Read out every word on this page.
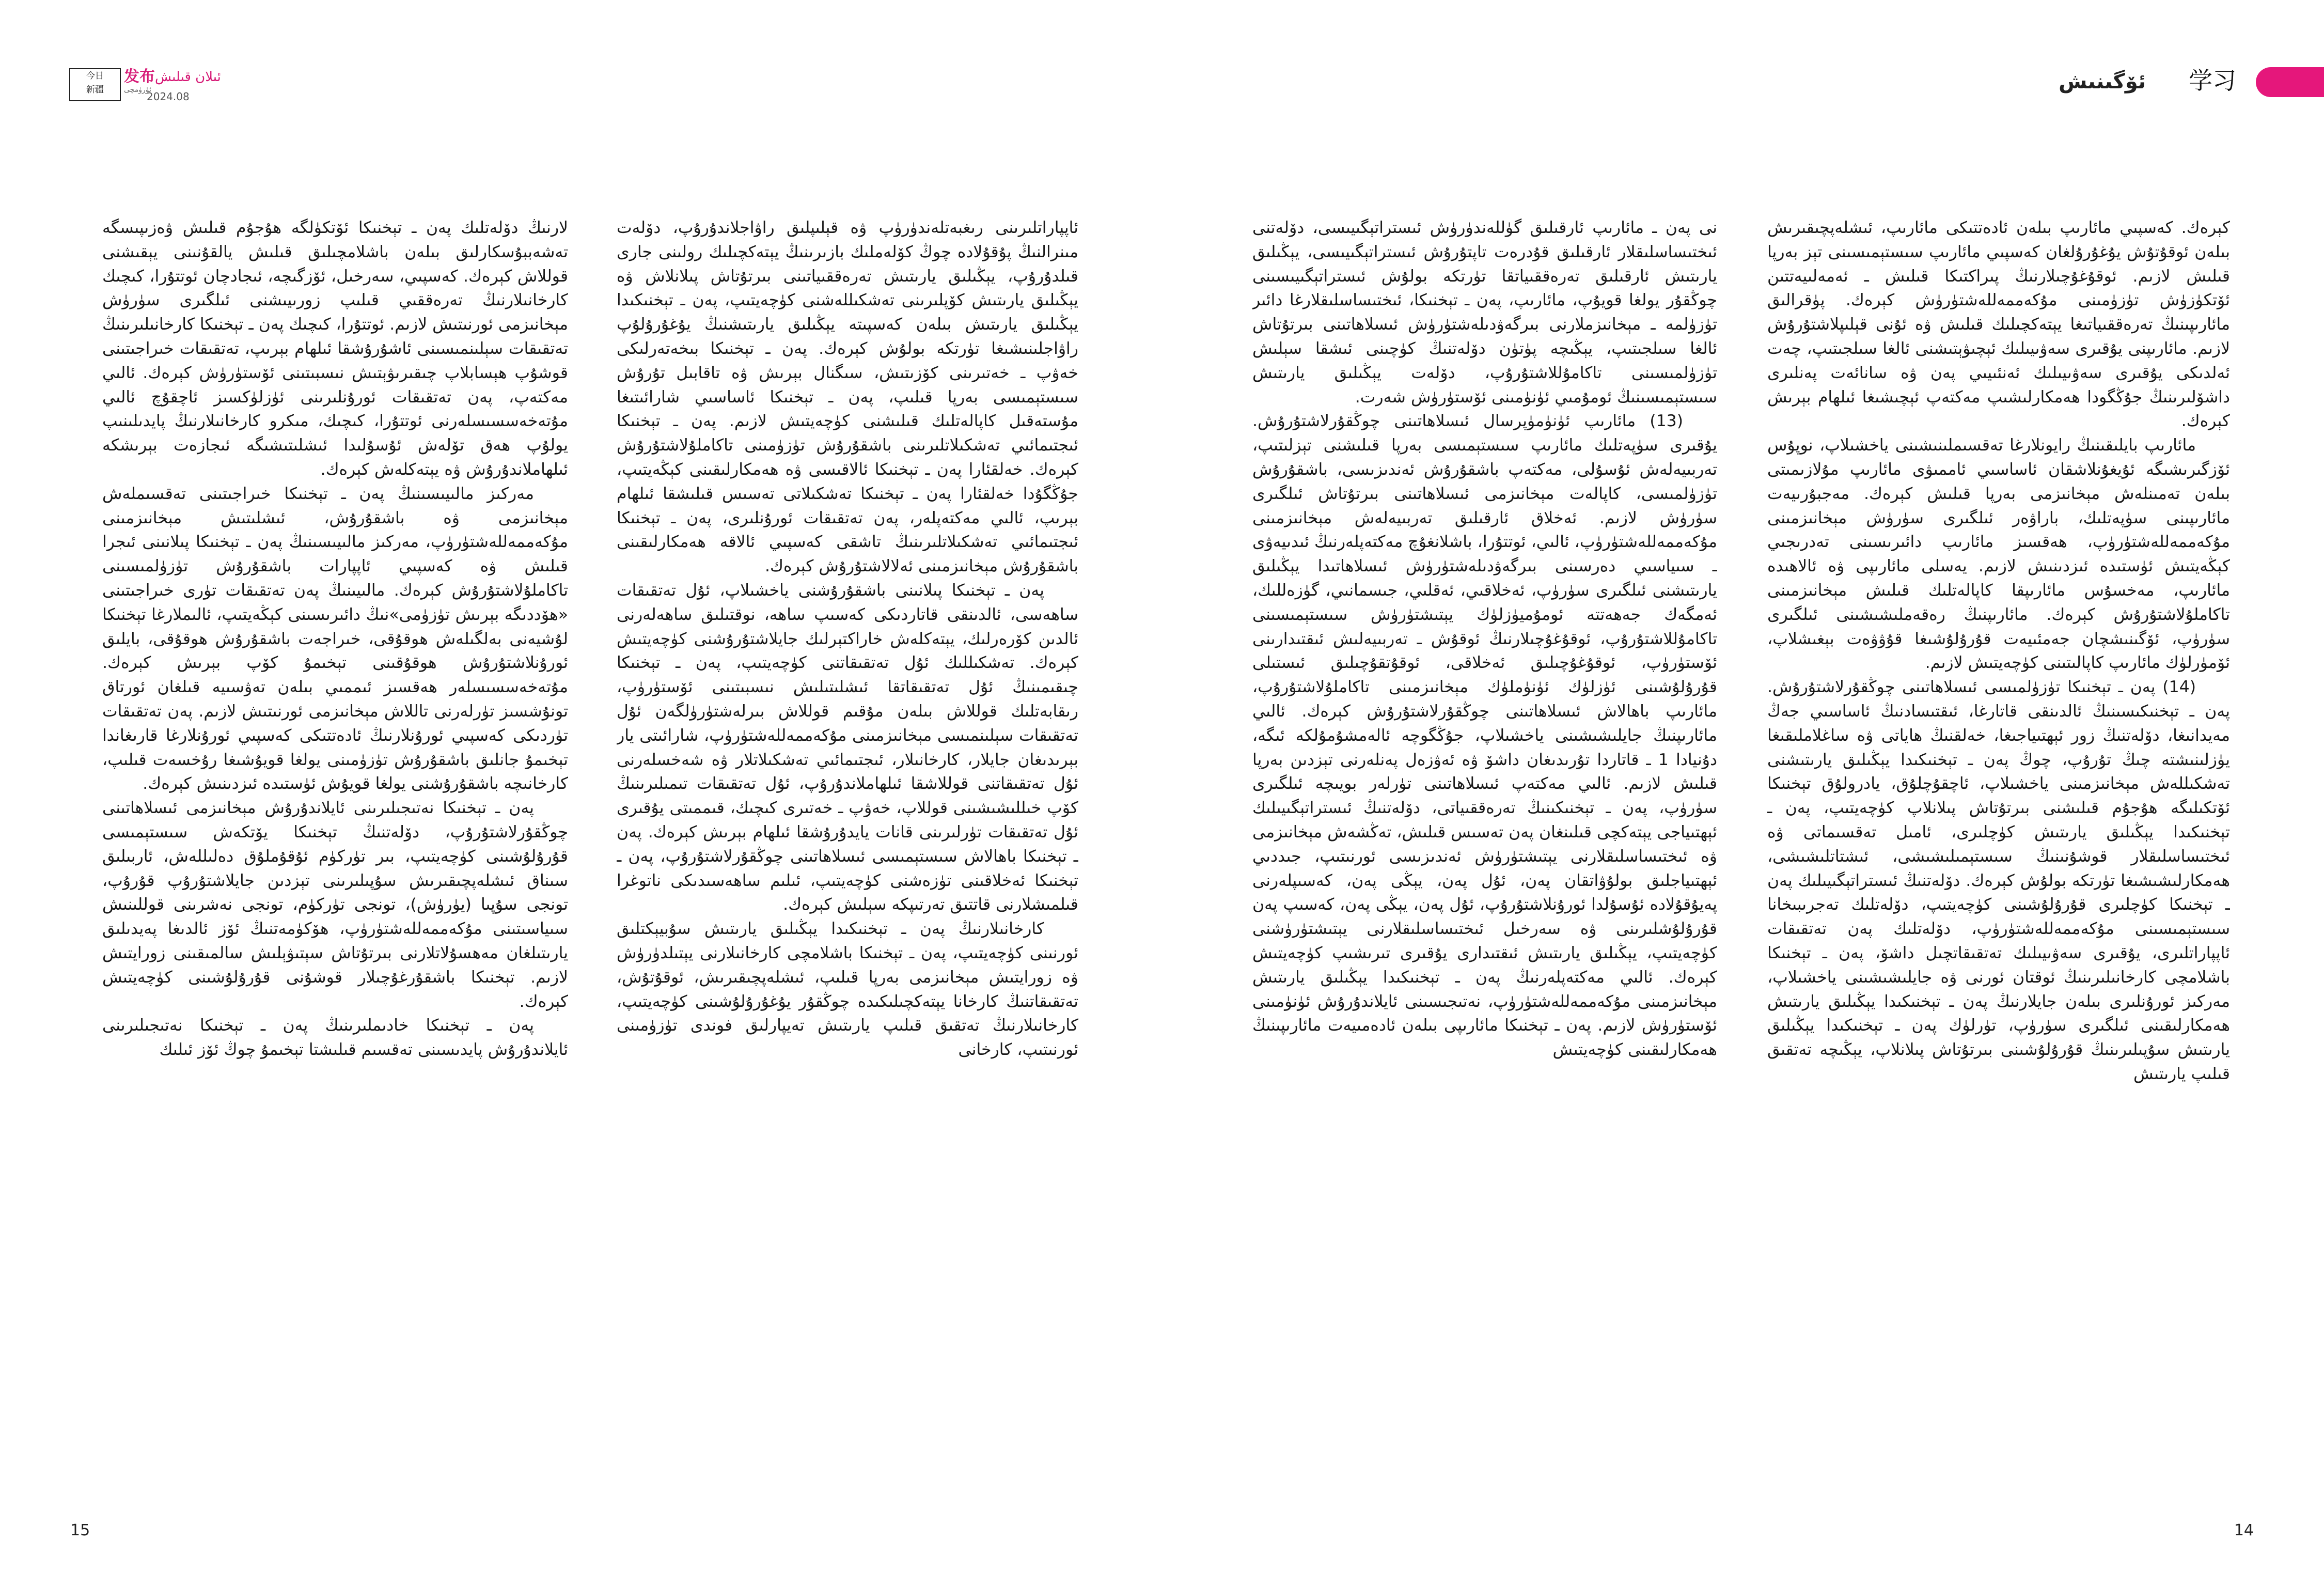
今日
新疆
发布
ئۈرۈمچى
2024.08
ئىلان قىلىش	ئۆگىنىش 学习

لارنىڭ دۆلەتلىك پەن ـ تېخنىكا ئۆتكۈلگە ھۇجۇم قىلىش ۋەزىپىسگە تەشەببۇسكارلىق بىلەن باشلامچىلىق قىلىش يالقۇنىنى يېقىشنى قوللاش كېرەك. كەسپىي، سەرخىل، ئۆزگىچە، ئىجادچان ئوتتۇرا، كىچىك كارخانىلارنىڭ تەرەققىي قىلىپ زورىيىشنى ئىلگىرى سۈرۈش مېخانىزمى ئورنىتىش لازىم. ئوتتۇرا، كىچىك پەن ـ تېخنىكا كارخانىلىرىنىڭ تەتقىقات سېلىنمىسىنى ئاشۇرۇشقا ئىلھام بېرىپ، تەتقىقات خىراجىتىنى قوشۇپ ھېسابلاپ چىقىرىۋېتىش نىسبىتىنى ئۆستۈرۈش كېرەك. ئالىي مەكتەپ، پەن تەتقىقات ئورۇنلىرىنى ئۈزلۈكسىز ئاچقۇچ ئالىي مۇتەخەسسىسلەرنى ئوتتۇرا، كىچىك، مىكرو كارخانىلارنىڭ پايدىلىنىپ يولۇپ ھەق تۆلەش ئۇسۇلىدا ئىشلىتىشىگە ئىجازەت بېرىشكە ئىلھاملاندۇرۇش ۋە يېتەكلەش كېرەك.

مەركىز مالىيىسىنىڭ پەن ـ تېخنىكا خىراجىتىنى تەقسىملەش مېخانىزمى ۋە باشقۇرۇش، ئىشلىتىش مېخانىزمىنى مۇكەممەللەشتۈرۈپ، مەركىز مالىيىسىنىڭ پەن ـ تېخنىكا پىلانىنى ئىجرا قىلىش ۋە كەسپىي ئاپپارات باشقۇرۇش تۈزۈلمىسىنى تاكاملۇلاشتۇرۇش كېرەك. مالىيىنىڭ پەن تەتقىقات تۈرى خىراجىتىنى «ھۆددىگە بېرىش تۈزۈمى»نىڭ دائىرىسىنى كېڭەيتىپ، ئالىملارغا تېخنىكا لۇشيەنى بەلگىلەش ھوقۇقى، خىراجەت باشقۇرۇش ھوقۇقى، بايلىق ئورۇنلاشتۇرۇش ھوقۇقىنى تېخىمۇ كۆپ بېرىش كېرەك. مۇتەخەسسىسلەر ھەقسىز ئىممىي بىلەن تەۋسىيە قىلغان ئورتاق تونۇشسىز تۈرلەرنى تاللاش مېخانىزمى ئورنىتىش لازىم. پەن تەتقىقات تۈردىكى كەسپىي ئورۇنلارنىڭ ئادەتتىكى كەسپىي ئورۇنلارغا قارىغاندا تېخىمۇ جانلىق باشقۇرۇش تۈزۈمىنى يولغا قويۇشىغا رۇخسەت قىلىپ، كارخانىچە باشقۇرۇشنى يولغا قويۇش ئۈستىدە ئىزدىنىش كېرەك.

پەن ـ تېخنىكا نەتىجىلىرىنى ئايلاندۇرۇش مېخانىزمى ئىسلاھاتىنى چوڭقۇرلاشتۇرۇپ، دۆلەتنىڭ تېخنىكا يۆتكەش سىستېمىسى قۇرۇلۇشىنى كۈچەيتىپ، بىر تۈركۈم ئۇقۇملۇق دەلىللەش، ئاربىلىق سىناق ئىشلەپچىقىرىش سۇپىلىرىنى تېزدىن جايلاشتۇرۇپ قۇرۇپ، تونجى سۇپىا (يۈرۈش)، تونجى تۈركۈم، تونجى نەشرىنى قوللىنىش سىياسىتىنى مۇكەممەللەشتۈرۈپ، ھۆكۈمەتنىڭ ئۆز ئالدىغا پەيدىلىق يارىتىلغان مەھسۇلاتلارنى بىرتۇتاش سېتىۋېلىش سالمىقىنى زورايتىش لازىم. تېخنىكا باشقۇرغۇچىلار قوشۇنى قۇرۇلۇشىنى كۈچەيتىش كېرەك.

پەن ـ تېخنىكا خادىملىرىنىڭ پەن ـ تېخنىكا نەتىجىلىرىنى ئايلاندۇرۇش پايدىسىنى تەقسىم قىلىشتا تېخىمۇ چوڭ ئۆز ئىلىك

ئاپپاراتلىرىنى رىغبەتلەندۈرۈپ ۋە قېلىپلىق راۋاجلاندۇرۇپ، دۆلەت مىنرالنىڭ پۇقۇلادە چوڭ كۆلەملىك بازىرىنىڭ يېتەكچىلىك رولىنى جارى قىلدۇرۇپ، يېڭىلىق يارىتىش تەرەققىياتىنى بىرتۇتاش پىلانلاش ۋە يېڭىلىق يارىتىش كۆپلىرىنى تەشكىللەشنى كۈچەيتىپ، پەن ـ تېخنىكىدا يېڭىلىق يارىتىش بىلەن كەسپىتە يېڭىلىق يارىتىشنىڭ يۇغۇرۇلۇپ راۋاجلىنىشىغا تۈرتكە بولۇش كېرەك. پەن ـ تېخنىكا بىخەتەرلىكى خەۋپ ـ خەتىرىنى كۆزىتىش، سىگنال بېرىش ۋە تاقابىل تۇرۇش سىستېمىسى بەرپا قىلىپ، پەن ـ تېخنىكا ئاساسىي شارائىتىغا مۇستەقىل كاپالەتلىك قىلىشنى كۈچەيتىش لازىم. پەن ـ تېخنىكا ئىجتىمائىي تەشكىلاتلىرىنى باشقۇرۇش تۈزۈمىنى تاكاملۇلاشتۇرۇش كېرەك. خەلقئارا پەن ـ تېخنىكا ئالاقىسى ۋە ھەمكارلىقىنى كېڭەيتىپ، جۇڭگۇدا خەلقئارا پەن ـ تېخنىكا تەشكىلاتى تەسىس قىلىشقا ئىلھام بېرىپ، ئالىي مەكتەپلەر، پەن تەتقىقات ئورۇنلىرى، پەن ـ تېخنىكا ئىجتىمائىي تەشكىلاتلىرىنىڭ تاشقى كەسپىي ئالاقە ھەمكارلىقىنى باشقۇرۇش مېخانىزمىنى ئەلالاشتۇرۇش كېرەك.

پەن ـ تېخنىكا پىلانىنى باشقۇرۇشنى ياخشىلاپ، ئۇل تەتقىقات ساھەسى، ئالدىنقى قاتاردىكى كەسىپ ساھە، نوقتىلىق ساھەلەرنى ئالدىن كۆرەرلىك، يېتەكلەش خاراكتېرلىك جايلاشتۇرۇشنى كۈچەيتىش كېرەك. تەشكىللىك ئۇل تەتقىقاتنى كۈچەيتىپ، پەن ـ تېخنىكا چىقىمىنىڭ ئۇل تەتقىقاتقا ئىشلىتىلىش نىسبىتىنى ئۆستۈرۈپ، رىقابەتلىك قوللاش بىلەن مۇقىم قوللاش بىرلەشتۈرۈلگەن ئۇل تەتقىقات سېلىنمىسى مېخانىزمىنى مۇكەممەللەشتۈرۈپ، شارائىتى يار بېرىدىغان جايلار، كارخانىلار، ئىجتىمائىي تەشكىلاتلار ۋە شەخسلەرنى ئۇل تەتقىقاتنى قوللاشقا ئىلھاملاندۇرۇپ، ئۇل تەتقىقات تىمىلىرىنىڭ كۆپ خىللىشىشىنى قوللاپ، خەۋپ ـ خەتىرى كىچىك، قىممىتى يۇقىرى ئۇل تەتقىقات تۈرلىرىنى قانات يايدۇرۇشقا ئىلھام بېرىش كېرەك. پەن ـ تېخنىكا باھالاش سىستېمىسى ئىسلاھاتىنى چوڭقۇرلاشتۇرۇپ، پەن ـ تېخنىكا ئەخلاقىنى تۈزەشنى كۈچەيتىپ، ئىلىم ساھەسىدىكى ناتوغرا قىلمىشلارنى قاتتىق تەرتىپكە سېلىش كېرەك.

كارخانىلارنىڭ پەن ـ تېخنىكىدا يېڭىلىق يارىتىش سۇبيېكتلىق ئورنىنى كۈچەيتىپ، پەن ـ تېخنىكا باشلامچى كارخانىلارنى يېتىلدۈرۈش ۋە زورايتىش مېخانىزمى بەرپا قىلىپ، ئىشلەپچىقىرىش، ئوقۇتۇش، تەتقىقاتنىڭ كارخانا يېتەكچىلىكىدە چوڭقۇر يۇغۇرۇلۇشىنى كۈچەيتىپ، كارخانىلارنىڭ تەتقىق قىلىپ يارىتىش تەيپارلىق فوندى تۈزۈمىنى ئورنىتىپ، كارخانى

نى پەن ـ مائارىپ ئارقىلىق گۈللەندۈرۈش ئىستراتېگىيىسى، دۆلەتنى ئىختىساسلىقلار ئارقىلىق قۇدرەت تاپتۇرۇش ئىستراتېگىيىسى، يېڭىلىق يارىتىش ئارقىلىق تەرەققىياتقا تۈرتكە بولۇش ئىستراتېگىيىسىنى چوڭقۇر يولغا قويۇپ، مائارىپ، پەن ـ تېخنىكا، ئىختىساسلىقلارغا دائىر تۈزۈلمە ـ مېخانىزملارنى بىرگەۋدىلەشتۈرۈش ئىسلاھاتىنى بىرتۇتاش ئالغا سىلجىتىپ، يېڭىچە پۈتۈن دۆلەتنىڭ كۈچىنى ئىشقا سېلىش تۈزۈلمىسىنى تاكامۇللاشتۇرۇپ، دۆلەت يېڭىلىق يارىتىش سىستېمىسىنىڭ ئومۇمىي ئۈنۈمىنى ئۆستۈرۈش شەرت.

(13) مائارىپ ئۈنۈمۈپرسال ئىسلاھاتىنى چوڭقۇرلاشتۇرۇش. يۇقىرى سۈپەتلىك مائارىپ سىستېمىسى بەرپا قىلىشنى تېزلىتىپ، تەربىيەلەش ئۇسۇلى، مەكتەپ باشقۇرۇش ئەندىزىسى، باشقۇرۇش تۈزۈلمىسى، كاپالەت مېخانىزمى ئىسلاھاتىنى بىرتۇتاش ئىلگىرى سۈرۈش لازىم. ئەخلاق ئارقىلىق تەربىيەلەش مېخانىزمىنى مۇكەممەللەشتۈرۈپ، ئالىي، ئوتتۇرا، باشلانغۇچ مەكتەپلەرنىڭ ئىدىيەۋى ـ سىياسىي دەرسىنى بىرگەۋدىلەشتۈرۈش ئىسلاھاتىدا يېڭىلىق يارىتىشنى ئىلگىرى سۈرۈپ، ئەخلاقىي، ئەقلىي، جىسمانىي، گۈزەللىك، ئەمگەك جەھەتتە ئومۇميۈزلۈك يېتىشتۈرۈش سىستېمىسىنى تاكامۇللاشتۇرۇپ، ئوقۇغۇچىلارنىڭ ئوقۇش ـ تەربىيەلىش ئىقتىدارىنى ئۆستۈرۈپ، ئوقۇغۇچىلىق ئەخلاقى، ئوقۇتقۇچىلىق ئىستىلى قۇرۇلۇشىنى ئۈزلۈك ئۈنۈملۈك مېخانىزمىنى تاكاملۇلاشتۇرۇپ، مائارىپ باھالاش ئىسلاھاتىنى چوڭقۇرلاشتۇرۇش كېرەك. ئالىي مائارىپنىڭ جايلىشىشىنى ياخشىلاپ، جۇڭگوچە ئالەمشۇمۇلكە ئىگە، دۇنيادا 1 ـ قاتاردا تۇرىدىغان داشۆ ۋە ئەۋزەل پەنلەرنى تېزدىن بەرپا قىلىش لازىم. ئالىي مەكتەپ ئىسلاھاتىنى تۈرلەر بويىچە ئىلگىرى سۈرۈپ، پەن ـ تېخنىكىنىڭ تەرەققىياتى، دۆلەتنىڭ ئىستراتېگىيىلىك ئېھتىياجى يېتەكچى قىلىنغان پەن تەسىس قىلىش، تەڭشەش مېخانىزمى ۋە ئىختىساسلىقلارنى يېتىشتۈرۈش ئەندىزىسى ئورنىتىپ، جىددىي ئېھتىياجلىق بولۇۋاتقان پەن، ئۇل پەن، يېڭى پەن، كەسىپلەرنى پەيۇقۇلادە ئۇسۇلدا ئورۇنلاشتۇرۇپ، ئۇل پەن، يېڭى پەن، كەسىپ پەن قۇرۇلۇشلىرىنى ۋە سەرخىل ئىختىساسلىقلارنى يېتىشتۈرۈشنى كۈچەيتىپ، يېڭىلىق يارىتىش ئىقتىدارى يۇقىرى تىرىشىپ كۈچەيتىش كېرەك. ئالىي مەكتەپلەرنىڭ پەن ـ تېخنىكىدا يېڭىلىق يارىتىش مېخانىزمىنى مۇكەممەللەشتۈرۈپ، نەتىجىسىنى ئايلاندۇرۇش ئۈنۈمىنى ئۆستۈرۈش لازىم. پەن ـ تېخنىكا مائارىپى بىلەن ئادەمىيەت مائارىپىنىڭ ھەمكارلىقىنى كۈچەيتىش

كېرەك. كەسپىي مائارىپ بىلەن ئادەتتىكى مائارىپ، ئىشلەپچىقىرىش بىلەن ئوقۇتۇش يۇغۇرۇلغان كەسپىي مائارىپ سىستېمىسىنى تېز بەرپا قىلىش لازىم. ئوقۇغۇچىلارنىڭ پىراكتىكا قىلىش ـ ئەمەلىيەتتىن ئۆتكۈزۈش تۈزۈمىنى مۇكەممەللەشتۈرۈش كېرەك. پۈقرالىق مائارىپىنىڭ تەرەققىياتىغا يېتەكچىلىك قىلىش ۋە ئۇنى قېلىپلاشتۇرۇش لازىم. مائارىپنى يۇقىرى سەۋىيىلىك ئېچىۋېتىشنى ئالغا سىلجىتىپ، چەت ئەلدىكى يۇقىرى سەۋىيىلىك ئەنئىيىي پەن ۋە سانائەت پەنلىرى داشۆلىرىنىڭ جۇڭگودا ھەمكارلىشىپ مەكتەپ ئېچىشىغا ئىلھام بېرىش كېرەك.

مائارىپ بايلىقىنىڭ رايونلارغا تەقسىملىنىشىنى ياخشىلاپ، نوپۇس ئۆزگىرىشىگە ئۇيغۇنلاشقان ئاساسىي ئاممىۋى مائارىپ مۇلازىمىتى بىلەن تەمىنلەش مېخانىزمى بەرپا قىلىش كېرەك. مەجبۇرىيەت مائارىپىنى سۈپەتلىك، باراۋەر ئىلگىرى سۈرۈش مېخانىزمىنى مۇكەممەللەشتۈرۈپ، ھەقسىز مائارىپ دائىرىسىنى تەدرىجىي كېڭەيتىش ئۈستىدە ئىزدىنىش لازىم. يەسلى مائارىپى ۋە ئالاھىدە مائارىپ، مەخسۇس مائارىپقا كاپالەتلىك قىلىش مېخانىزمىنى تاكاملۇلاشتۇرۇش كېرەك. مائارىپنىڭ رەقەملىشىشىنى ئىلگىرى سۈرۈپ، ئۆگىنىشچان جەمئىيەت قۇرۇلۇشىغا قۇۋۋەت بېغىشلاپ، ئۆمۈرلۈك مائارىپ كاپالىتىنى كۈچەيتىش لازىم.

(14) پەن ـ تېخنىكا تۈزۈلمىسى ئىسلاھاتىنى چوڭقۇرلاشتۇرۇش. پەن ـ تېخنىكىسىنىڭ ئالدىنقى قاتارغا، ئىقتىسادنىڭ ئاساسىي جەڭ مەيدانىغا، دۆلەتنىڭ زور ئېھتىياجىغا، خەلقنىڭ ھاياتى ۋە ساغلاملىقىغا يۈزلىنىشتە چىڭ تۇرۇپ، چوڭ پەن ـ تېخنىكىدا يېڭىلىق يارىتىشنى تەشكىللەش مېخانىزمىنى ياخشىلاپ، ئاچقۇچلۇق، يادرولۇق تېخنىكا ئۆتكىلىگە ھۇجۇم قىلىشنى بىرتۇتاش پىلانلاپ كۈچەيتىپ، پەن ـ تېخنىكىدا يېڭىلىق يارىتىش كۈچلىرى، ئامىل تەقسىماتى ۋە ئىختىساسلىقلار قوشۇنىنىڭ سىستېمىلىشىشى، ئىشتاتلىشىشى، ھەمكارلىشىشىغا تۈرتكە بولۇش كېرەك. دۆلەتنىڭ ئىستراتېگىيىلىك پەن ـ تېخنىكا كۈچلىرى قۇرۇلۇشىنى كۈچەيتىپ، دۆلەتلىك تەجرىبىخانا سىستېمىسىنى مۇكەممەللەشتۈرۈپ، دۆلەتلىك پەن تەتقىقات ئاپپاراتلىرى، يۇقىرى سەۋىيىلىك تەتقىقاتچىل داشۆ، پەن ـ تېخنىكا باشلامچى كارخانىلىرىنىڭ ئوقتان ئورنى ۋە جايلىشىشىنى ياخشىلاپ، مەركىز ئورۇنلىرى بىلەن جايلارنىڭ پەن ـ تېخنىكىدا يېڭىلىق يارىتىش ھەمكارلىقىنى ئىلگىرى سۈرۈپ، تۈرلۈك پەن ـ تېخنىكىدا يېڭىلىق يارىتىش سۇپىلىرىنىڭ قۇرۇلۇشىنى بىرتۇتاش پىلانلاپ، يېڭىچە تەتقىق قىلىپ يارىتىش

15	14
